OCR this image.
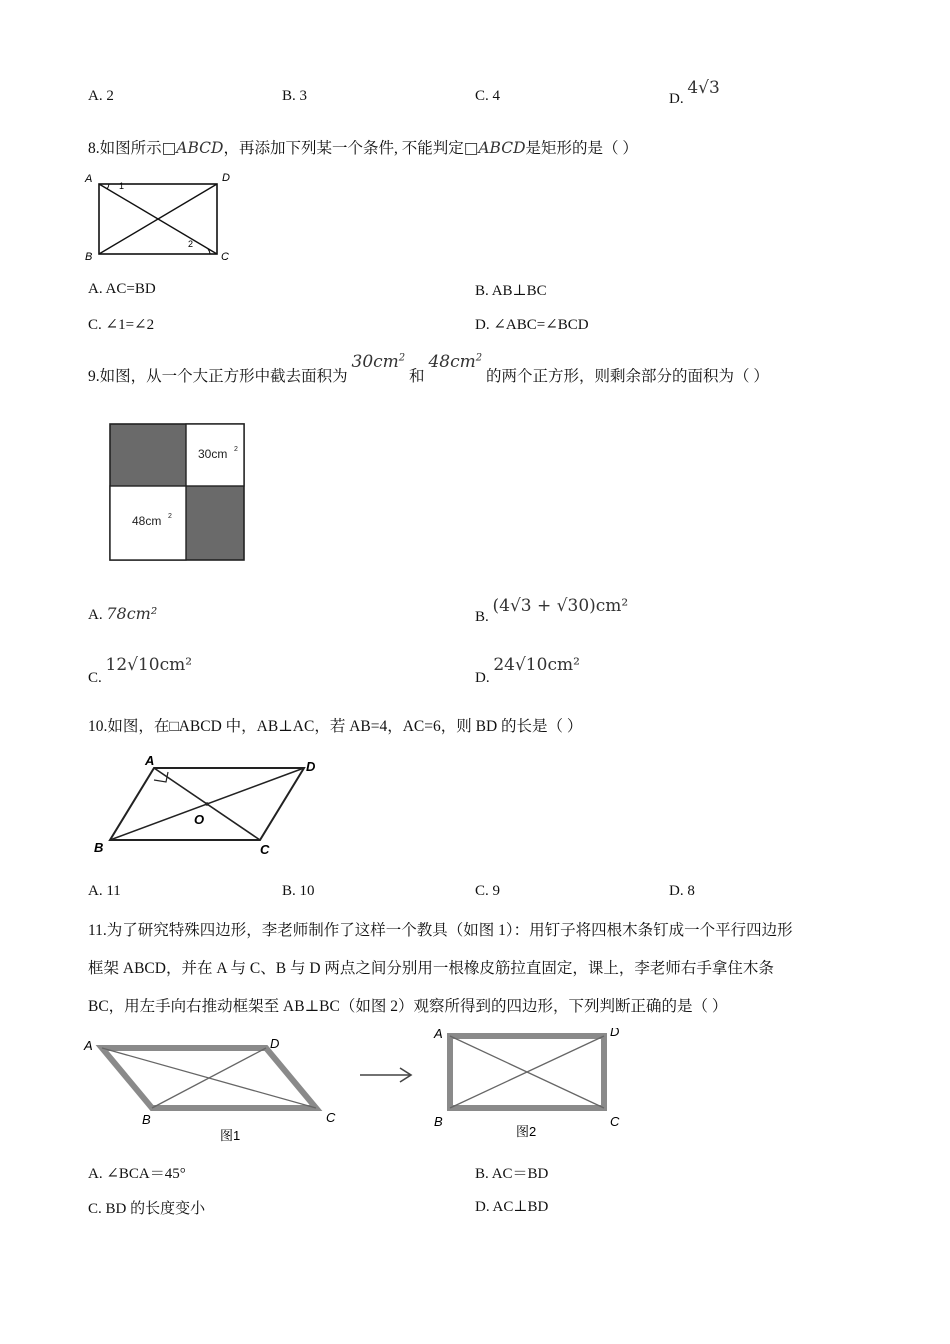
A. 2	B. 3	C. 4	D. 4√3
8.如图所示□ABCD，再添加下列某一个条件, 不能判定□ABCD是矩形的是（ ）
A	D
B	C
1
2
A. AC=BD	B. AB⊥BC
C. ∠1=∠2	D. ∠ABC=∠BCD
9.如图，从一个大正方形中截去面积为 $30cm^2$ 和 $48cm^2$ 的两个正方形，则剩余部分的面积为（ ）
30cm 2
48cm 2
A. 78cm²	B. (4√3 + √30)cm²
C. 12√10cm²
D. 24√10cm²
10.如图，在□ABCD 中，AB⊥AC，若 AB=4，AC=6，则 BD 的长是（ ）
A	D
B	C
O
A. 11	B. 10	C. 9	D. 8
11.为了研究特殊四边形，李老师制作了这样一个教具（如图 1）：用钉子将四根木条钉成一个平行四边形
框架 ABCD，并在 A 与 C、B 与 D 两点之间分别用一根橡皮筋拉直固定，课上，李老师右手拿住木条
BC，用左手向右推动框架至 AB⊥BC（如图 2）观察所得到的四边形，下列判断正确的是（ ）
A	D
B	C
图1
A	D
B	C
图2
A. ∠BCA＝45°	B. AC＝BD
C. BD 的长度变小	D. AC⊥BD
